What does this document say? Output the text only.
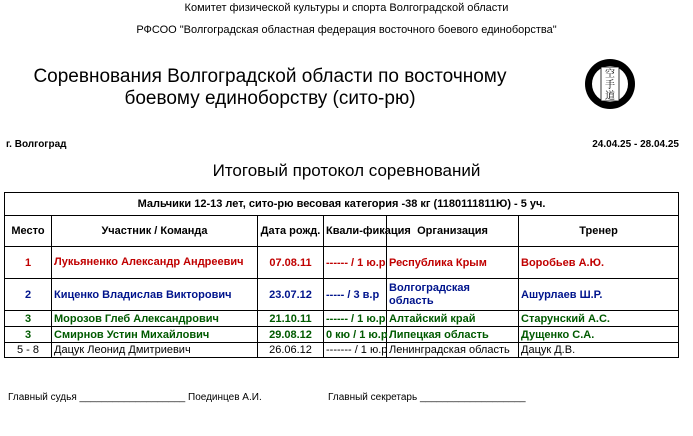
Комитет физической культуры и спорта Волгоградской области
РФСОО "Волгоградская областная федерация восточного боевого единоборства"
Соревнования Волгоградской области по восточному
боевому единоборству (сито-рю)
空
手
道
г. Волгоград	24.04.25 - 28.04.25
Итоговый протокол соревнований
Мальчики 12-13 лет, сито-рю весовая категория -38 кг (1180111811Ю) - 5 уч.					
Место	Участник / Команда	Дата рожд.	Квали-фикация	Организация	Тренер
1	Лукьяненко Александр Андреевич	07.08.11	------ / 1 ю.р	Республика Крым	Воробьев А.Ю.
2	Киценко Владислав Викторович	23.07.12	----- / 3 в.р	Волгоградская область	Ашурлаев Ш.Р.
3	Морозов Глеб Александрович	21.10.11	------ / 1 ю.р	Алтайский край	Старунский А.С.
3	Смирнов Устин Михайлович	29.08.12	0 кю / 1 ю.р	Липецкая область	Дущенко С.А.
5 - 8	Дацук Леонид Дмитриевич	26.06.12	------- / 1 ю.р	Ленинградская область	Дацук Д.В.
Главный судья ___________________ Поединцев А.И.	Главный секретарь ___________________
